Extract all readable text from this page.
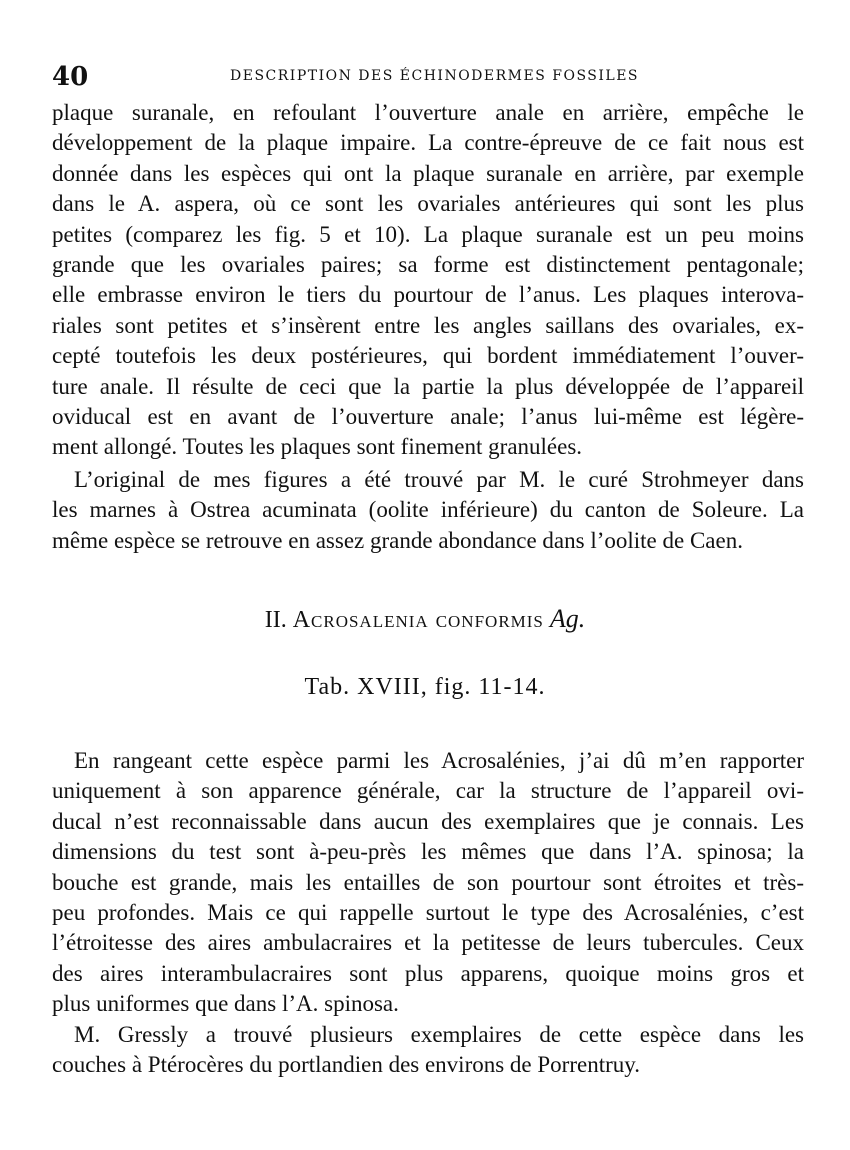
40	DESCRIPTION DES ÉCHINODERMES FOSSILES
plaque suranale, en refoulant l’ouverture anale en arrière, empêche le
développement de la plaque impaire. La contre-épreuve de ce fait nous est
donnée dans les espèces qui ont la plaque suranale en arrière, par exemple
dans le A. aspera, où ce sont les ovariales antérieures qui sont les plus
petites (comparez les fig. 5 et 10). La plaque suranale est un peu moins
grande que les ovariales paires; sa forme est distinctement pentagonale;
elle embrasse environ le tiers du pourtour de l’anus. Les plaques interova-
riales sont petites et s’insèrent entre les angles saillans des ovariales, ex-
cepté toutefois les deux postérieures, qui bordent immédiatement l’ouver-
ture anale. Il résulte de ceci que la partie la plus développée de l’appareil
oviducal est en avant de l’ouverture anale; l’anus lui-même est légère-
ment allongé. Toutes les plaques sont finement granulées.
L’original de mes figures a été trouvé par M. le curé Strohmeyer dans
les marnes à Ostrea acuminata (oolite inférieure) du canton de Soleure. La
même espèce se retrouve en assez grande abondance dans l’oolite de Caen.
II. Acrosalenia conformis Ag.
Tab. XVIII, fig. 11-14.
En rangeant cette espèce parmi les Acrosalénies, j’ai dû m’en rapporter
uniquement à son apparence générale, car la structure de l’appareil ovi-
ducal n’est reconnaissable dans aucun des exemplaires que je connais. Les
dimensions du test sont à-peu-près les mêmes que dans l’A. spinosa; la
bouche est grande, mais les entailles de son pourtour sont étroites et très-
peu profondes. Mais ce qui rappelle surtout le type des Acrosalénies, c’est
l’étroitesse des aires ambulacraires et la petitesse de leurs tubercules. Ceux
des aires interambulacraires sont plus apparens, quoique moins gros et
plus uniformes que dans l’A. spinosa.
M. Gressly a trouvé plusieurs exemplaires de cette espèce dans les
couches à Ptérocères du portlandien des environs de Porrentruy.
